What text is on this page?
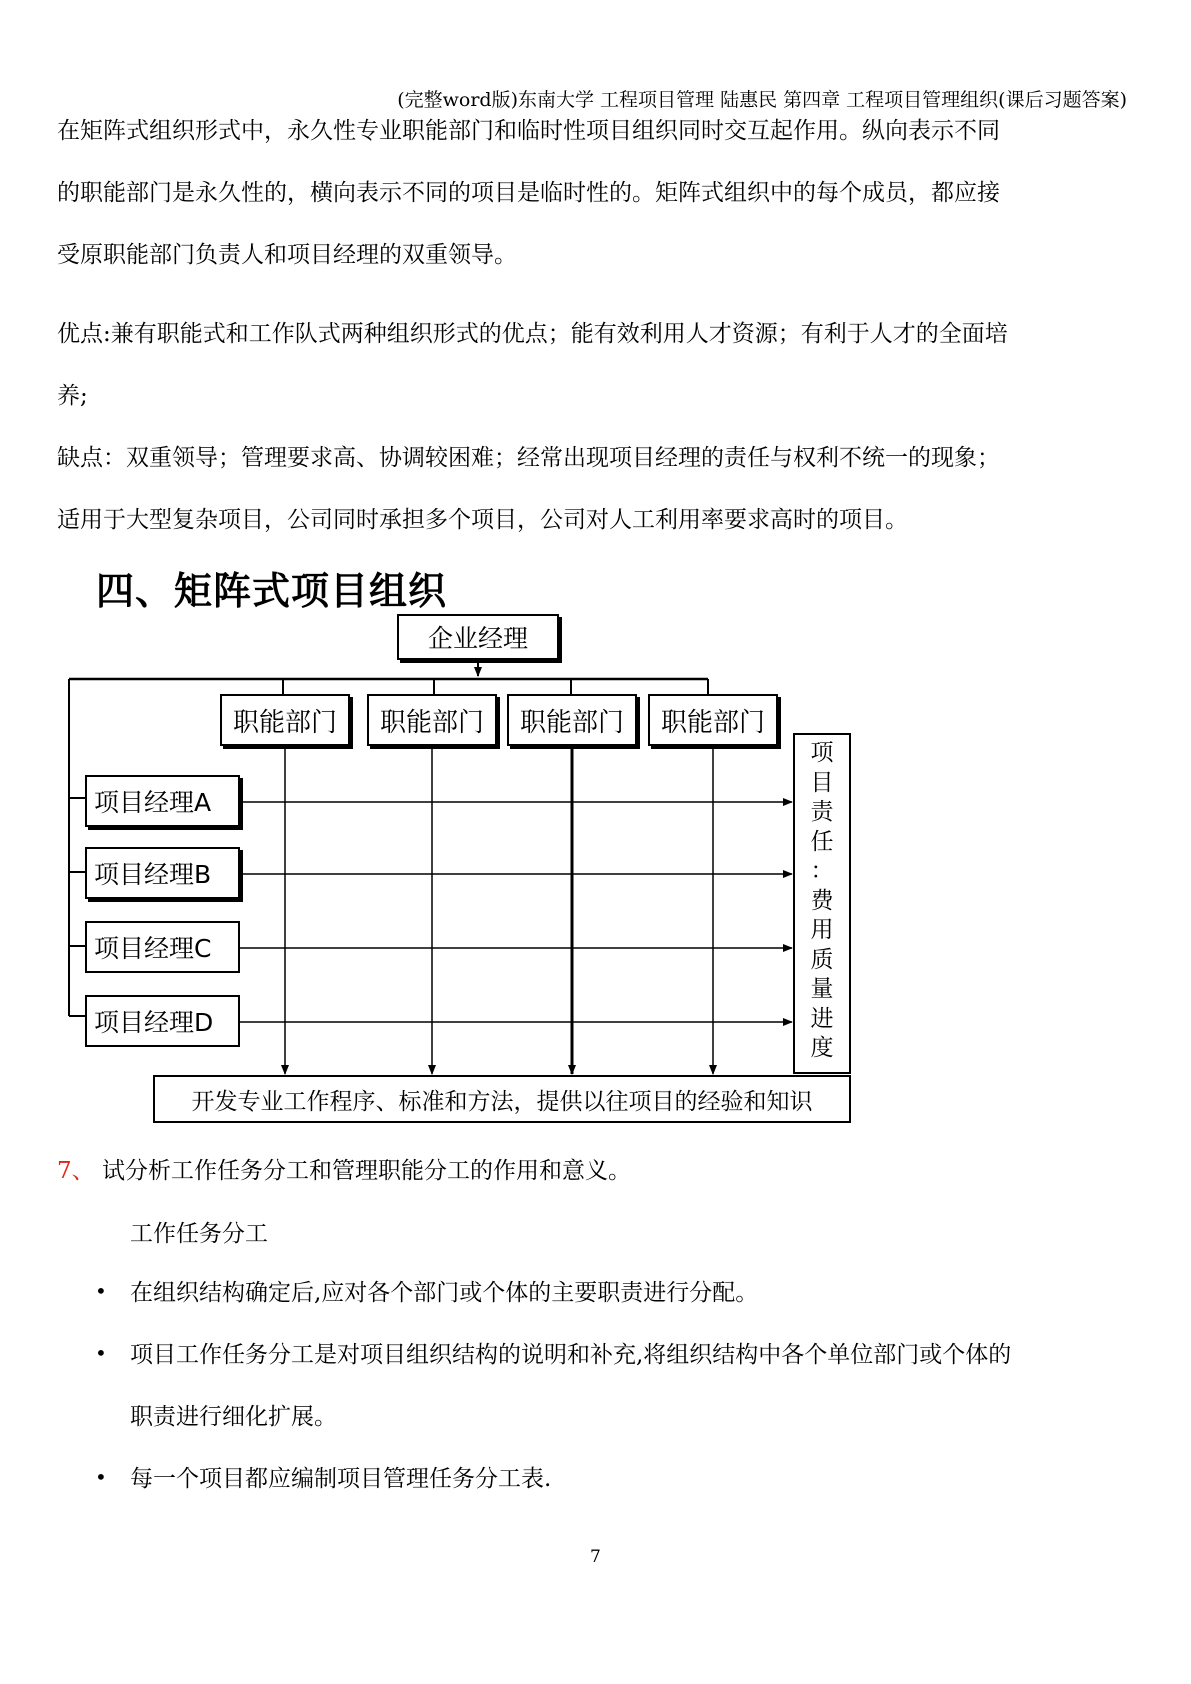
(完整word版)东南大学 工程项目管理 陆惠民 第四章 工程项目管理组织(课后习题答案)
在矩阵式组织形式中，永久性专业职能部门和临时性项目组织同时交互起作用。纵向表示不同
的职能部门是永久性的，横向表示不同的项目是临时性的。矩阵式组织中的每个成员，都应接
受原职能部门负责人和项目经理的双重领导。
优点:兼有职能式和工作队式两种组织形式的优点；能有效利用人才资源；有利于人才的全面培
养;
缺点：双重领导；管理要求高、协调较困难；经常出现项目经理的责任与权利不统一的现象；
适用于大型复杂项目，公司同时承担多个项目，公司对人工利用率要求高时的项目。
四、矩阵式项目组织
企业经理
职能部门	职能部门	职能部门	职能部门
项目经理A
项目经理B
项目经理C
项目经理D
项
目
责
任
：
费
用
质
量
进
度
开发专业工作程序、标准和方法，提供以往项目的经验和知识
7、 试分析工作任务分工和管理职能分工的作用和意义。
工作任务分工
• 在组织结构确定后,应对各个部门或个体的主要职责进行分配。
• 项目工作任务分工是对项目组织结构的说明和补充,将组织结构中各个单位部门或个体的
职责进行细化扩展。
• 每一个项目都应编制项目管理任务分工表.
7
